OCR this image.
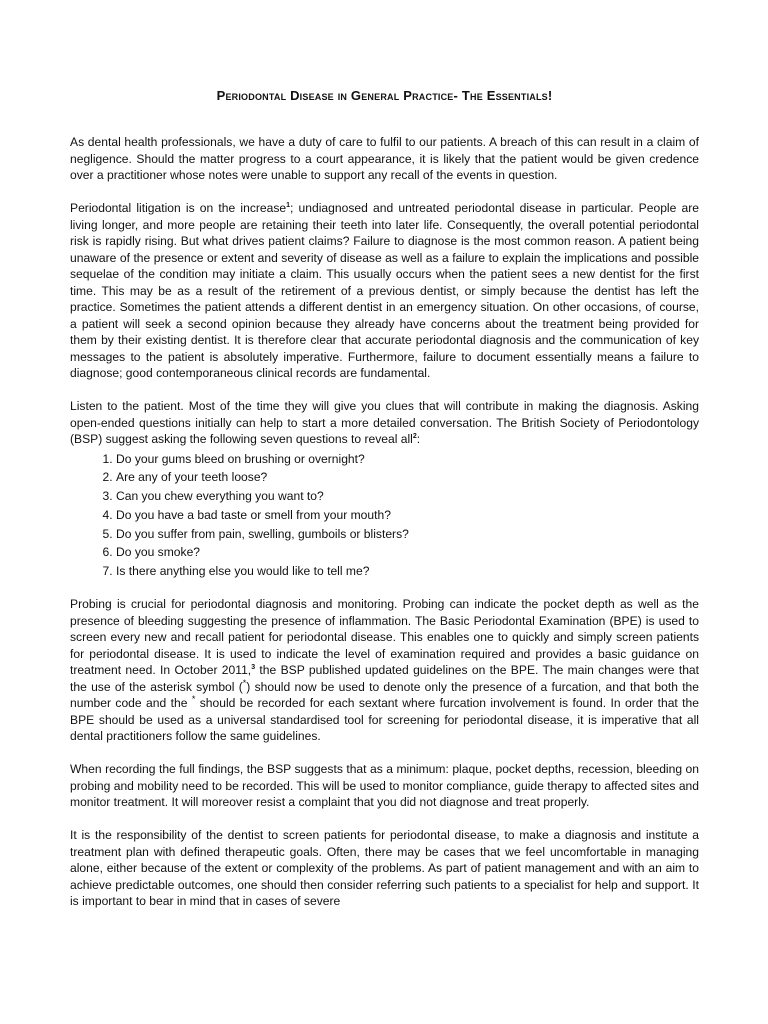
Periodontal Disease in General Practice- The Essentials!

As dental health professionals, we have a duty of care to fulfil to our patients. A breach of this can result in a claim of negligence. Should the matter progress to a court appearance, it is likely that the patient would be given credence over a practitioner whose notes were unable to support any recall of the events in question.

Periodontal litigation is on the increase$^1$; undiagnosed and untreated periodontal disease in particular. People are living longer, and more people are retaining their teeth into later life. Consequently, the overall potential periodontal risk is rapidly rising. But what drives patient claims? Failure to diagnose is the most common reason. A patient being unaware of the presence or extent and severity of disease as well as a failure to explain the implications and possible sequelae of the condition may initiate a claim. This usually occurs when the patient sees a new dentist for the first time. This may be as a result of the retirement of a previous dentist, or simply because the dentist has left the practice. Sometimes the patient attends a different dentist in an emergency situation. On other occasions, of course, a patient will seek a second opinion because they already have concerns about the treatment being provided for them by their existing dentist. It is therefore clear that accurate periodontal diagnosis and the communication of key messages to the patient is absolutely imperative. Furthermore, failure to document essentially means a failure to diagnose; good contemporaneous clinical records are fundamental.

Listen to the patient. Most of the time they will give you clues that will contribute in making the diagnosis. Asking open-ended questions initially can help to start a more detailed conversation. The British Society of Periodontology (BSP) suggest asking the following seven questions to reveal all$^2$:

1. Do your gums bleed on brushing or overnight?
2. Are any of your teeth loose?
3. Can you chew everything you want to?
4. Do you have a bad taste or smell from your mouth?
5. Do you suffer from pain, swelling, gumboils or blisters?
6. Do you smoke?
7. Is there anything else you would like to tell me?

Probing is crucial for periodontal diagnosis and monitoring. Probing can indicate the pocket depth as well as the presence of bleeding suggesting the presence of inflammation. The Basic Periodontal Examination (BPE) is used to screen every new and recall patient for periodontal disease. This enables one to quickly and simply screen patients for periodontal disease. It is used to indicate the level of examination required and provides a basic guidance on treatment need. In October 2011,$^3$ the BSP published updated guidelines on the BPE. The main changes were that the use of the asterisk symbol (*) should now be used to denote only the presence of a furcation, and that both the number code and the * should be recorded for each sextant where furcation involvement is found. In order that the BPE should be used as a universal standardised tool for screening for periodontal disease, it is imperative that all dental practitioners follow the same guidelines.

When recording the full findings, the BSP suggests that as a minimum: plaque, pocket depths, recession, bleeding on probing and mobility need to be recorded. This will be used to monitor compliance, guide therapy to affected sites and monitor treatment. It will moreover resist a complaint that you did not diagnose and treat properly.

It is the responsibility of the dentist to screen patients for periodontal disease, to make a diagnosis and institute a treatment plan with defined therapeutic goals. Often, there may be cases that we feel uncomfortable in managing alone, either because of the extent or complexity of the problems. As part of patient management and with an aim to achieve predictable outcomes, one should then consider referring such patients to a specialist for help and support. It is important to bear in mind that in cases of severe
